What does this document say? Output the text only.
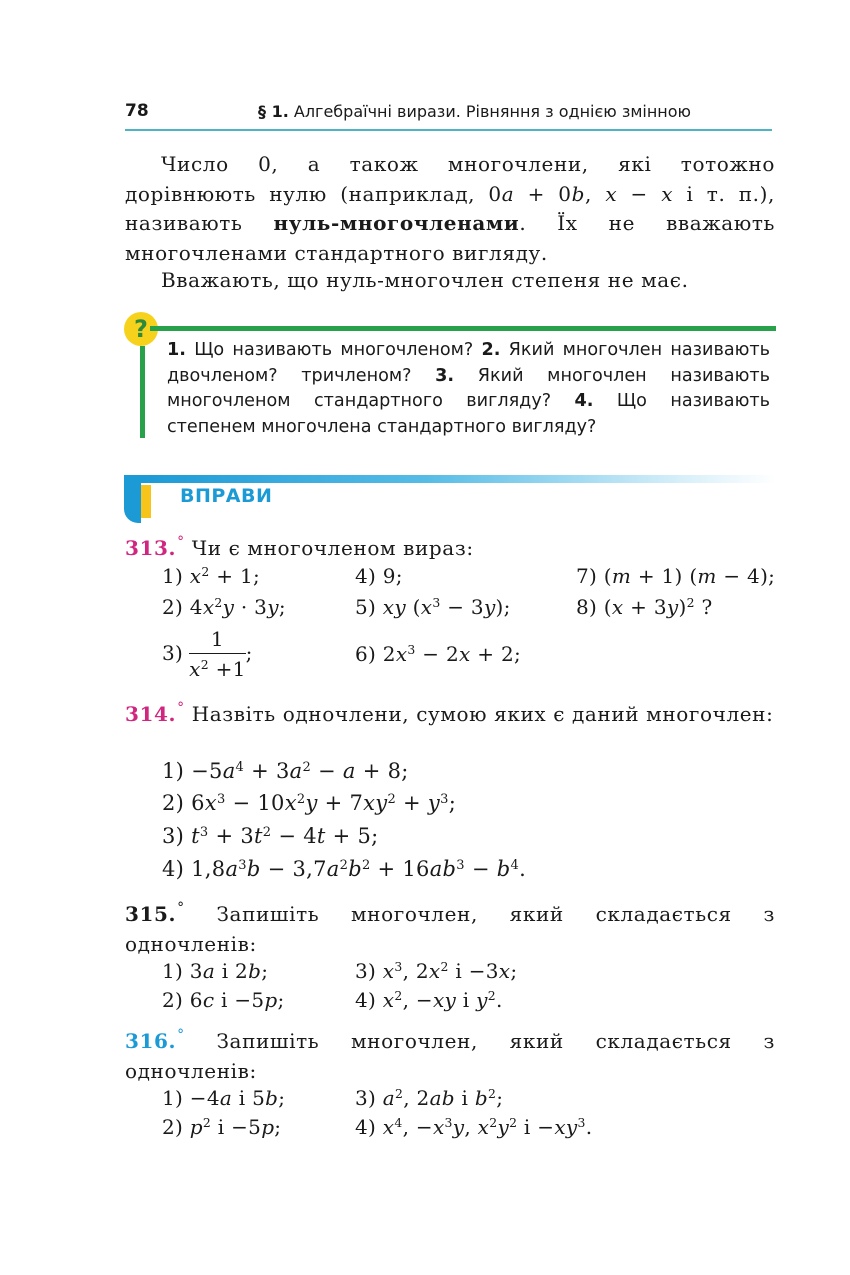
78	§ 1. Алгебраїчні вирази. Рівняння з однією змінною
Число 0, а також многочлени, які тотожно дорівнюють нулю (наприклад, 0a + 0b, x − x і т. п.), називають нуль-многочленами. Їх не вважають многочленами стандартного вигляду.
Вважають, що нуль-многочлен степеня не має.
?
1. Що називають многочленом? 2. Який многочлен називають двочленом? тричленом? 3. Який многочлен називають многочленом стандартного вигляду? 4. Що називають степенем многочлена стандартного вигляду?
ВПРАВИ
313.° Чи є многочленом вираз:
1) $x^2 + 1$;	4) 9;	7) (m + 1) (m − 4);
2) $4x^2y \cdot 3y$;	5) xy $(x^3 - 3y)$;	8) $(x + 3y)^2$ ?
$3) \frac{1}{x^2 +1}$ ;	6) $2x^3 - 2x + 2$;
314.° Назвіть одночлени, сумою яких є даний многочлен:
$1) -5a^4 + 3a^2 - a + 8$;
2) $6x^3 - 10x^2y + 7xy^2 + y^3$;
3) $t^3 + 3t^2 - 4t + 5$;
4) $1,8a^3b - 3,7a^2b^2 + 16ab^3 - b^4$.
315.° Запишіть многочлен, який складається з одночленів:
1) 3a і 2b;	3) $x^3$, $2x^2$ і −3x;
2) 6c і −5p;	4) $x^2$, −xy і $y^2$.
316.° Запишіть многочлен, який складається з одночленів:
1) −4a і 5b;	3) $a^2$, 2ab і $b^2$;
2) $p^2$ і −5p;	4) $x^4$, $-x^3y$, $x^2y^2$ $і -xy^3$.
